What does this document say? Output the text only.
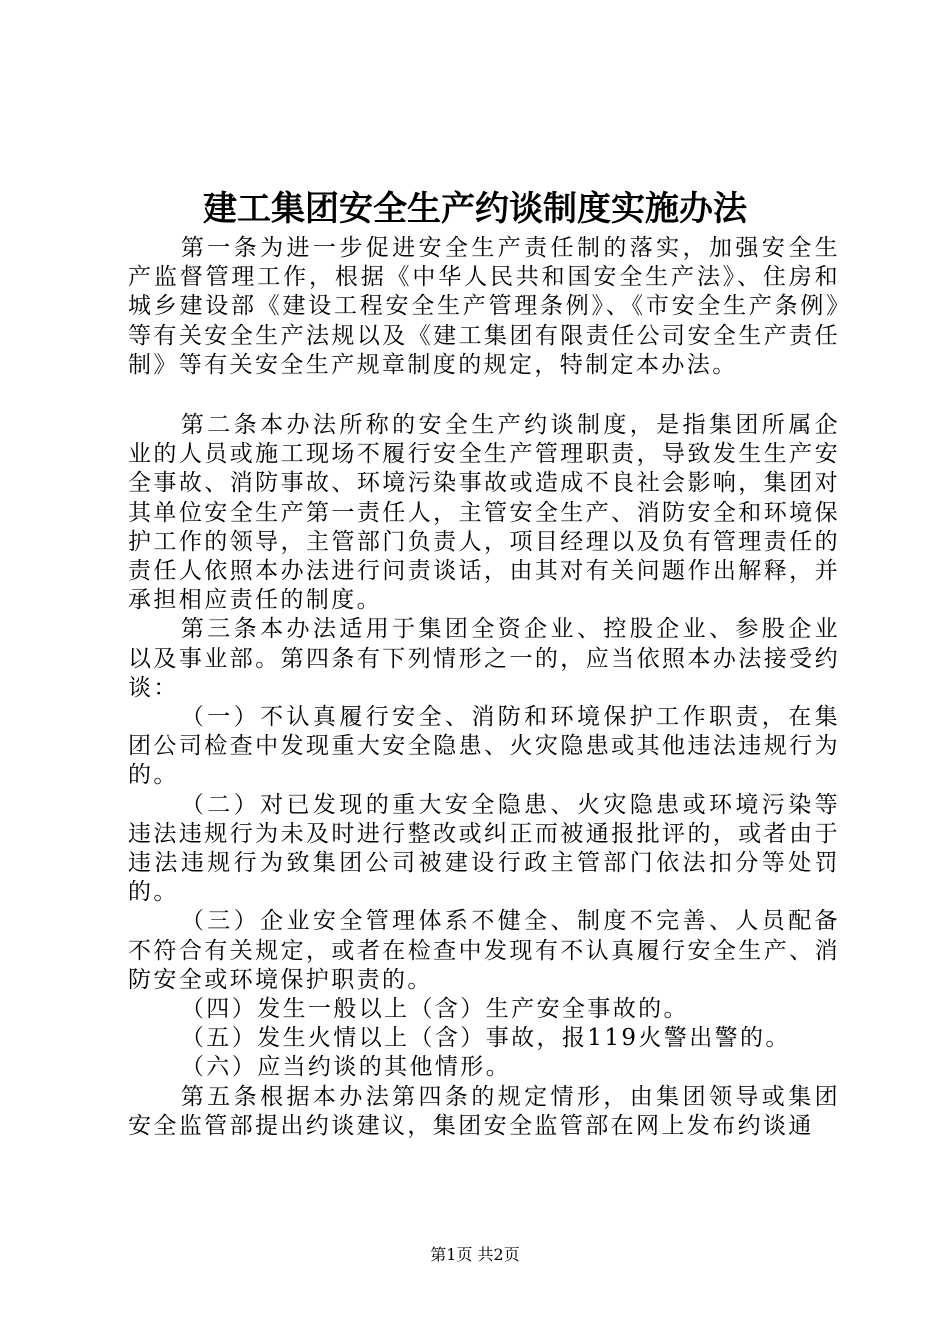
建工集团安全生产约谈制度实施办法

第一条为进一步促进安全生产责任制的落实，加强安全生产监督管理工作，根据《中华人民共和国安全生产法》、住房和城乡建设部《建设工程安全生产管理条例》、《市安全生产条例》等有关安全生产法规以及《建工集团有限责任公司安全生产责任制》等有关安全生产规章制度的规定，特制定本办法。

第二条本办法所称的安全生产约谈制度，是指集团所属企业的人员或施工现场不履行安全生产管理职责，导致发生生产安全事故、消防事故、环境污染事故或造成不良社会影响，集团对其单位安全生产第一责任人，主管安全生产、消防安全和环境保护工作的领导，主管部门负责人，项目经理以及负有管理责任的责任人依照本办法进行问责谈话，由其对有关问题作出解释，并承担相应责任的制度。

第三条本办法适用于集团全资企业、控股企业、参股企业以及事业部。第四条有下列情形之一的，应当依照本办法接受约谈：

（一）不认真履行安全、消防和环境保护工作职责，在集团公司检查中发现重大安全隐患、火灾隐患或其他违法违规行为的。

（二）对已发现的重大安全隐患、火灾隐患或环境污染等违法违规行为未及时进行整改或纠正而被通报批评的，或者由于违法违规行为致集团公司被建设行政主管部门依法扣分等处罚的。

（三）企业安全管理体系不健全、制度不完善、人员配备不符合有关规定，或者在检查中发现有不认真履行安全生产、消防安全或环境保护职责的。

（四）发生一般以上（含）生产安全事故的。

（五）发生火情以上（含）事故，报119火警出警的。

（六）应当约谈的其他情形。

第五条根据本办法第四条的规定情形，由集团领导或集团安全监管部提出约谈建议，集团安全监管部在网上发布约谈通

第1页 共2页
